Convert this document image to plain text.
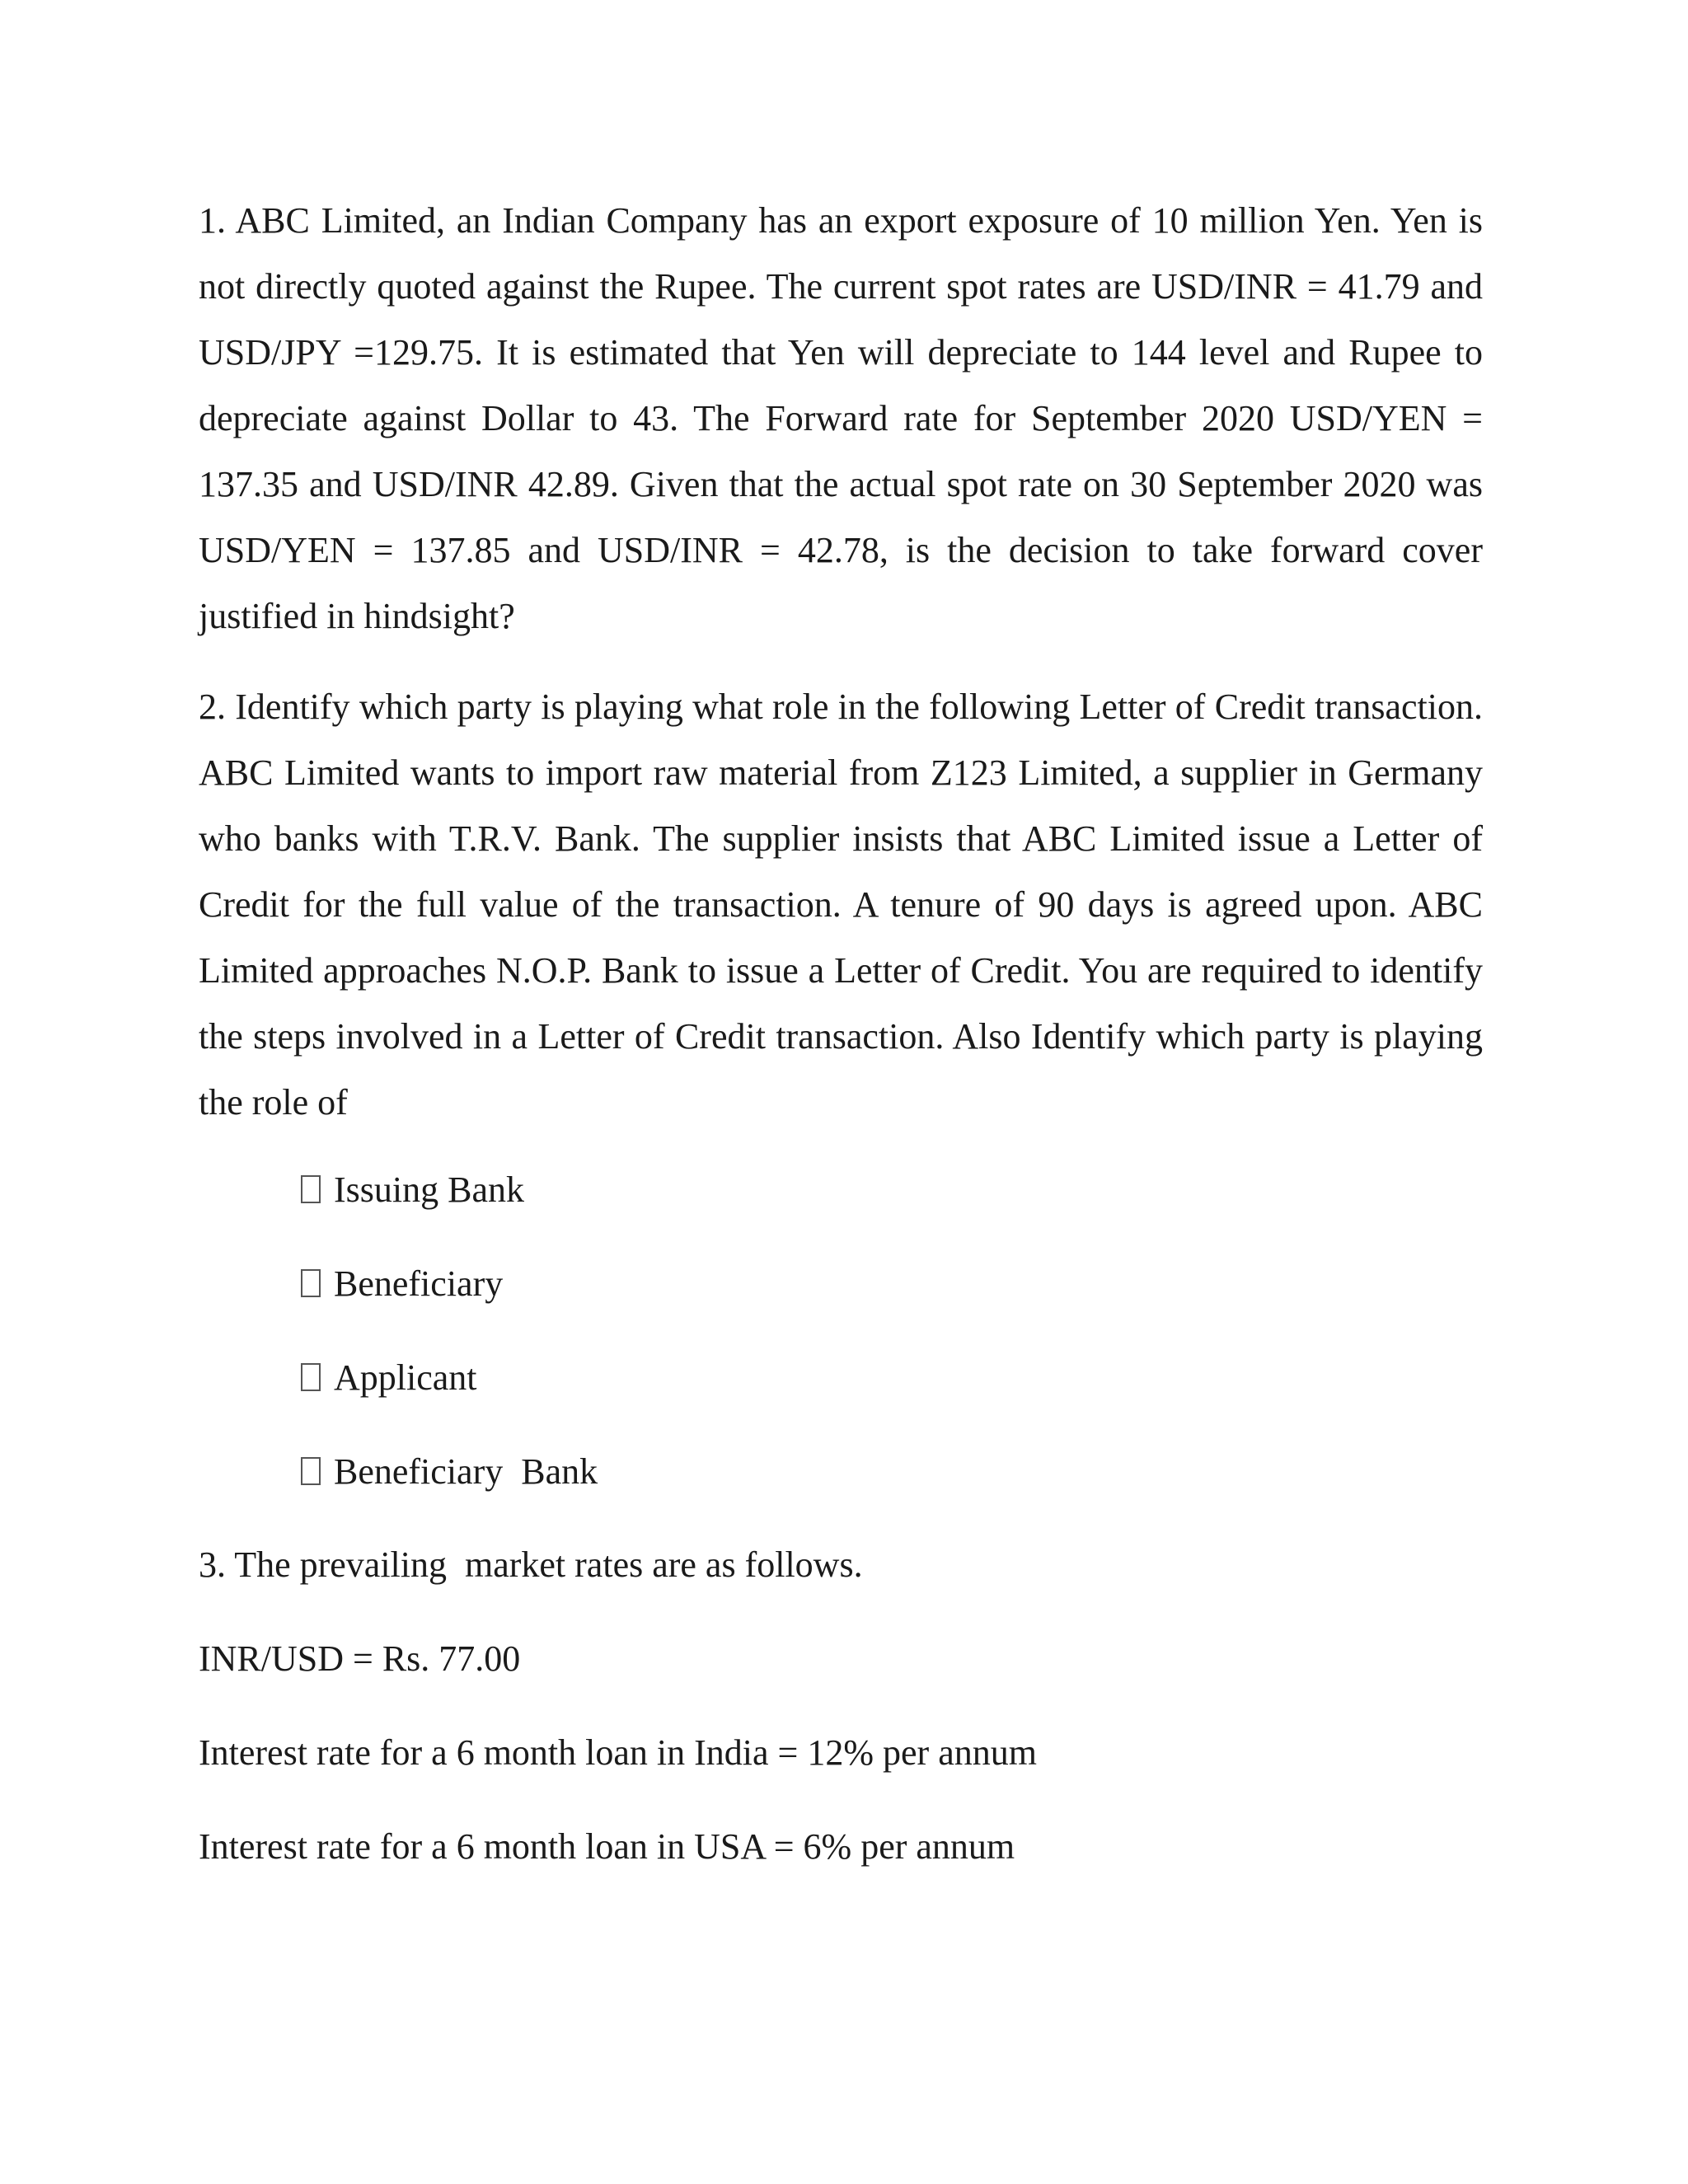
1. ABC Limited, an Indian Company has an export exposure of 10 million Yen. Yen is not directly quoted against the Rupee. The current spot rates are USD/INR = 41.79 and USD/JPY =129.75. It is estimated that Yen will depreciate to 144 level and Rupee to depreciate against Dollar to 43. The Forward rate for September 2020 USD/YEN = 137.35 and USD/INR 42.89. Given that the actual spot rate on 30 September 2020 was USD/YEN = 137.85 and USD/INR = 42.78, is the decision to take forward cover justified in hindsight?

2. Identify which party is playing what role in the following Letter of Credit transaction. ABC Limited wants to import raw material from Z123 Limited, a supplier in Germany who banks with T.R.V. Bank. The supplier insists that ABC Limited issue a Letter of Credit for the full value of the transaction. A tenure of 90 days is agreed upon. ABC Limited approaches N.O.P. Bank to issue a Letter of Credit. You are required to identify the steps involved in a Letter of Credit transaction. Also Identify which party is playing the role of

Issuing Bank
Beneficiary
Applicant
Beneficiary  Bank

3. The prevailing  market rates are as follows.

INR/USD = Rs. 77.00

Interest rate for a 6 month loan in India = 12% per annum

Interest rate for a 6 month loan in USA = 6% per annum
